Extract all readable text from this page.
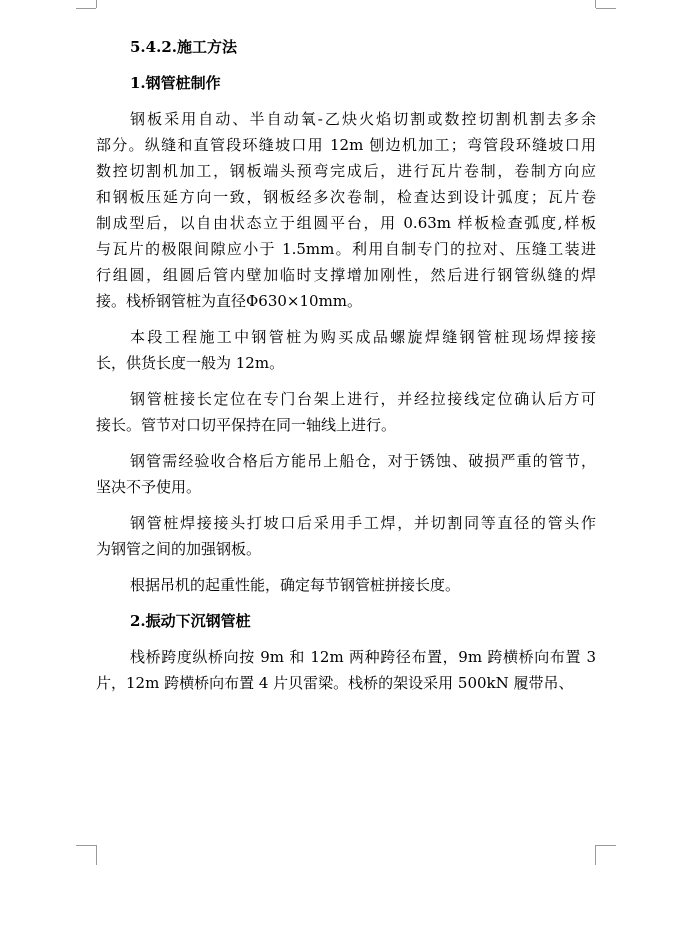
5.4.2.施工方法
1.钢管桩制作
钢板采用自动、半自动氧-乙炔火焰切割或数控切割机割去多余
部分。纵缝和直管段环缝坡口用 12m 刨边机加工；弯管段环缝坡口用
数控切割机加工，钢板端头预弯完成后，进行瓦片卷制，卷制方向应
和钢板压延方向一致，钢板经多次卷制，检查达到设计弧度；瓦片卷
制成型后，以自由状态立于组圆平台，用 0.63m 样板检查弧度,样板
与瓦片的极限间隙应小于 1.5mm。利用自制专门的拉对、压缝工装进
行组圆，组圆后管内壁加临时支撑增加刚性，然后进行钢管纵缝的焊
接。栈桥钢管桩为直径Φ630×10mm。
本段工程施工中钢管桩为购买成品螺旋焊缝钢管桩现场焊接接
长，供货长度一般为 12m。
钢管桩接长定位在专门台架上进行，并经拉接线定位确认后方可
接长。管节对口切平保持在同一轴线上进行。
钢管需经验收合格后方能吊上船仓，对于锈蚀、破损严重的管节，
坚决不予使用。
钢管桩焊接接头打坡口后采用手工焊，并切割同等直径的管头作
为钢管之间的加强钢板。
根据吊机的起重性能，确定每节钢管桩拼接长度。
2.振动下沉钢管桩
栈桥跨度纵桥向按 9m 和 12m 两种跨径布置，9m 跨横桥向布置 3
片，12m 跨横桥向布置 4 片贝雷梁。栈桥的架设采用 500kN 履带吊、
